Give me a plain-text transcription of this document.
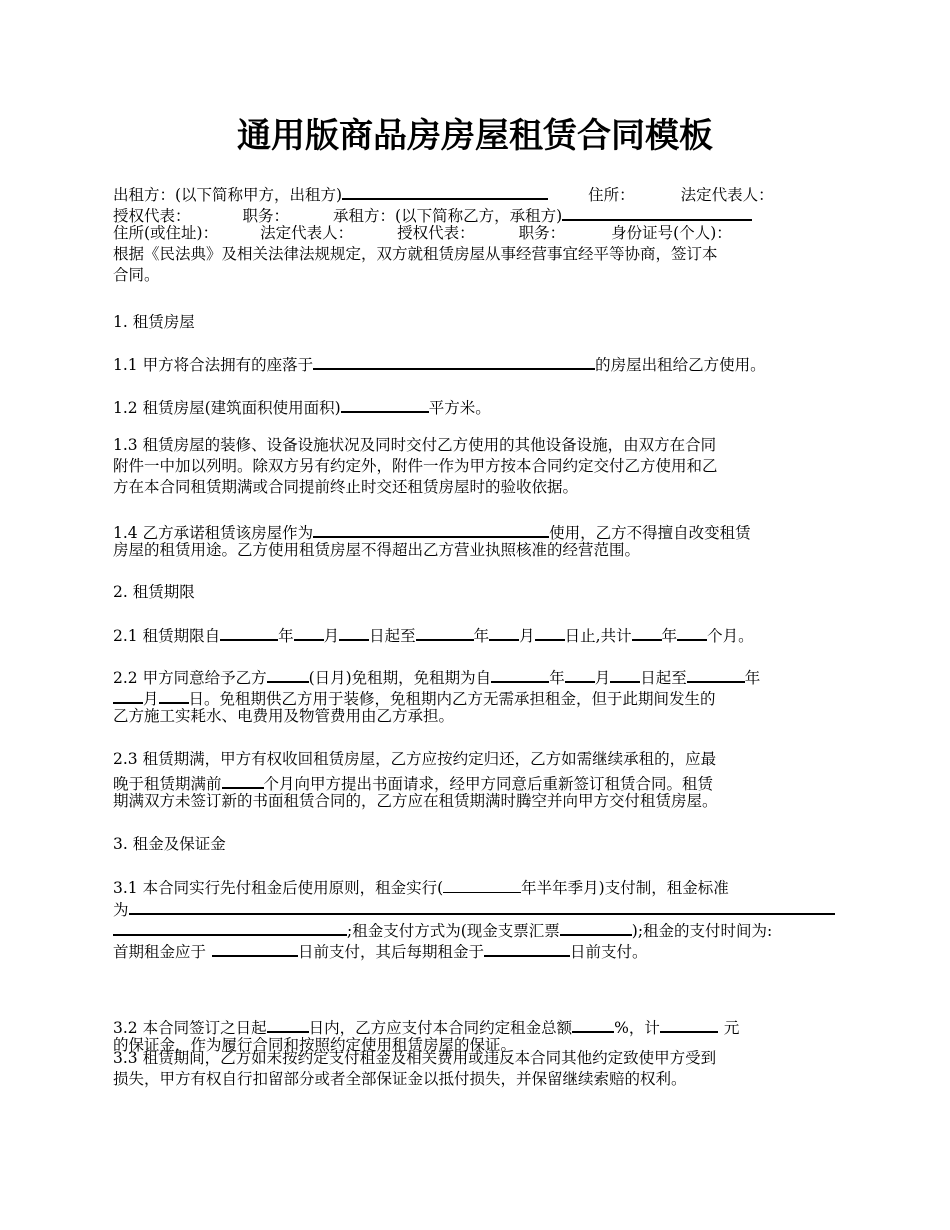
通用版商品房房屋租赁合同模板
出租方：(以下简称甲方，出租方)	住所：	法定代表人：
授权代表：	职务：	承租方：(以下简称乙方，承租方)
住所(或住址)：	法定代表人：	授权代表：	职务：	身份证号(个人)：
根据《民法典》及相关法律法规规定，双方就租赁房屋从事经营事宜经平等协商，签订本
合同。
1. 租赁房屋
1.1 甲方将合法拥有的座落于	的房屋出租给乙方使用。
1.2 租赁房屋(建筑面积使用面积)	平方米。
1.3 租赁房屋的装修、设备设施状况及同时交付乙方使用的其他设备设施，由双方在合同
附件一中加以列明。除双方另有约定外，附件一作为甲方按本合同约定交付乙方使用和乙
方在本合同租赁期满或合同提前终止时交还租赁房屋时的验收依据。
1.4 乙方承诺租赁该房屋作为	使用，乙方不得擅自改变租赁
房屋的租赁用途。乙方使用租赁房屋不得超出乙方营业执照核准的经营范围。
2. 租赁期限
2.1 租赁期限自	年 月 日起至	年 月 日止,共计 年 个月。
2.2 甲方同意给予乙方	(日月)免租期，免租期为自	年 月 日起至	年
月 日。免租期供乙方用于装修，免租期内乙方无需承担租金，但于此期间发生的
乙方施工实耗水、电费用及物管费用由乙方承担。
2.3 租赁期满，甲方有权收回租赁房屋，乙方应按约定归还，乙方如需继续承租的，应最
晚于租赁期满前	个月向甲方提出书面请求，经甲方同意后重新签订租赁合同。租赁
期满双方未签订新的书面租赁合同的，乙方应在租赁期满时腾空并向甲方交付租赁房屋。
3. 租金及保证金
3.1 本合同实行先付租金后使用原则，租金实行(	年半年季月)支付制，租金标准
为
;租金支付方式为(现金支票汇票	);租金的支付时间为:
首期租金应于	日前支付，其后每期租金于	日前支付。
3.2 本合同签订之日起	日内，乙方应支付本合同约定租金总额	%，计	元
的保证金，作为履行合同和按照约定使用租赁房屋的保证。
3.3 租赁期间，乙方如未按约定支付租金及相关费用或违反本合同其他约定致使甲方受到
损失，甲方有权自行扣留部分或者全部保证金以抵付损失，并保留继续索赔的权利。
